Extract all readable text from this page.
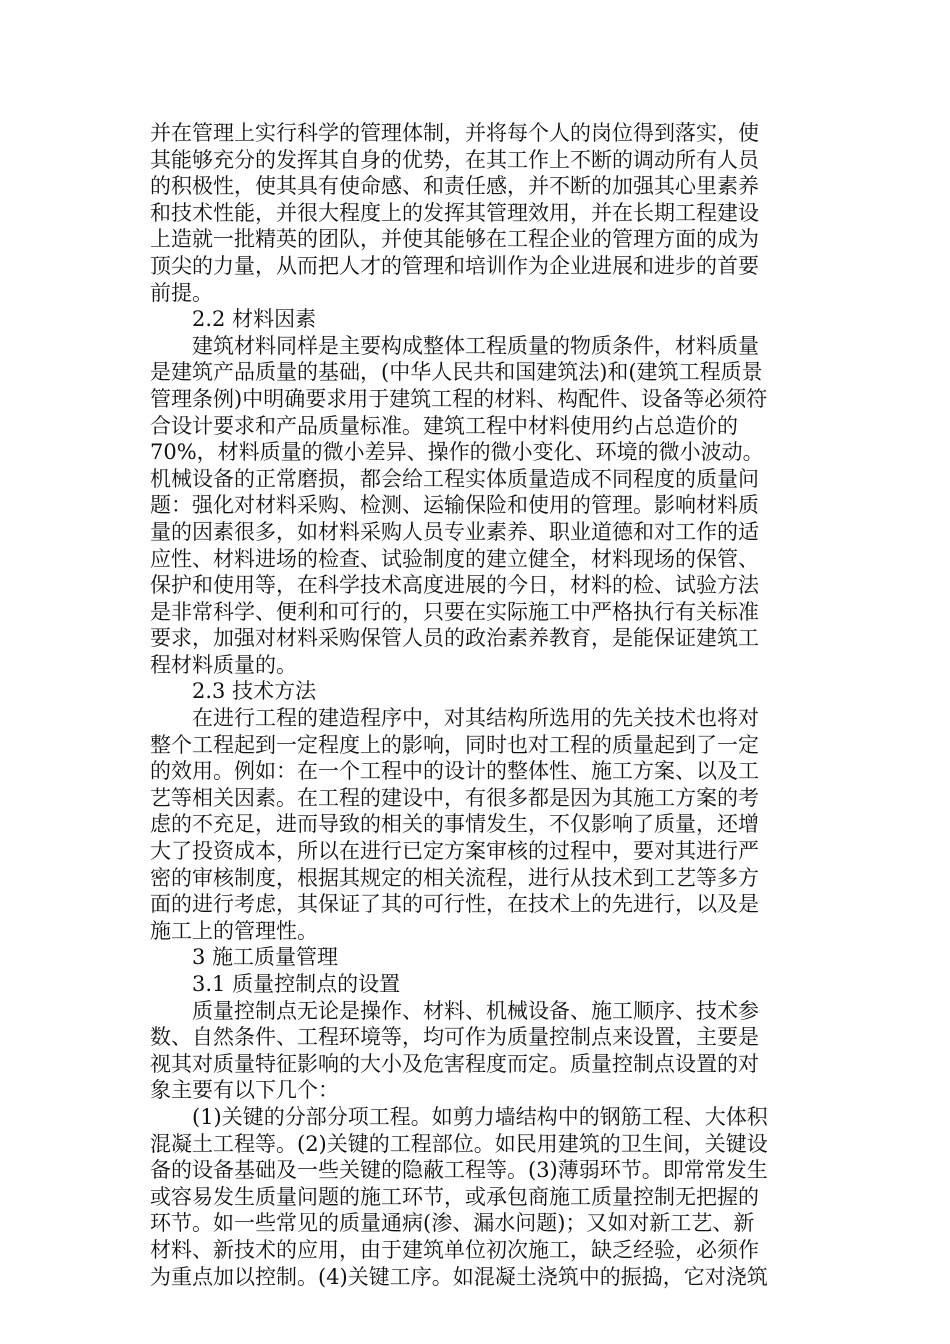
并在管理上实行科学的管理体制，并将每个人的岗位得到落实，使

其能够充分的发挥其自身的优势，在其工作上不断的调动所有人员

的积极性，使其具有使命感、和责任感，并不断的加强其心里素养

和技术性能，并很大程度上的发挥其管理效用，并在长期工程建设

上造就一批精英的团队，并使其能够在工程企业的管理方面的成为

顶尖的力量，从而把人才的管理和培训作为企业进展和进步的首要

前提。

2.2 材料因素

建筑材料同样是主要构成整体工程质量的物质条件，材料质量

是建筑产品质量的基础，(中华人民共和国建筑法)和(建筑工程质景

管理条例)中明确要求用于建筑工程的材料、构配件、设备等必须符

合设计要求和产品质量标准。建筑工程中材料使用约占总造价的

70%，材料质量的微小差异、操作的微小变化、环境的微小波动。

机械设备的正常磨损，都会给工程实体质量造成不同程度的质量问

题：强化对材料采购、检测、运输保险和使用的管理。影响材料质

量的因素很多，如材料采购人员专业素养、职业道德和对工作的适

应性、材料进场的检查、试验制度的建立健全，材料现场的保管、

保护和使用等，在科学技术高度进展的今日，材料的检、试验方法

是非常科学、便利和可行的，只要在实际施工中严格执行有关标准

要求，加强对材料采购保管人员的政治素养教育，是能保证建筑工

程材料质量的。

2.3 技术方法

在进行工程的建造程序中，对其结构所选用的先关技术也将对

整个工程起到一定程度上的影响，同时也对工程的质量起到了一定

的效用。例如：在一个工程中的设计的整体性、施工方案、以及工

艺等相关因素。在工程的建设中，有很多都是因为其施工方案的考

虑的不充足，进而导致的相关的事情发生，不仅影响了质量，还增

大了投资成本，所以在进行已定方案审核的过程中，要对其进行严

密的审核制度，根据其规定的相关流程，进行从技术到工艺等多方

面的进行考虑，其保证了其的可行性，在技术上的先进行，以及是

施工上的管理性。

3 施工质量管理

3.1 质量控制点的设置

质量控制点无论是操作、材料、机械设备、施工顺序、技术参

数、自然条件、工程环境等，均可作为质量控制点来设置，主要是

视其对质量特征影响的大小及危害程度而定。质量控制点设置的对

象主要有以下几个：

(1)关键的分部分项工程。如剪力墙结构中的钢筋工程、大体积

混凝土工程等。(2)关键的工程部位。如民用建筑的卫生间，关键设

备的设备基础及一些关键的隐蔽工程等。(3)薄弱环节。即常常发生

或容易发生质量问题的施工环节，或承包商施工质量控制无把握的

环节。如一些常见的质量通病(渗、漏水问题)；又如对新工艺、新

材料、新技术的应用，由于建筑单位初次施工，缺乏经验，必须作

为重点加以控制。(4)关键工序。如混凝土浇筑中的振捣，它对浇筑
